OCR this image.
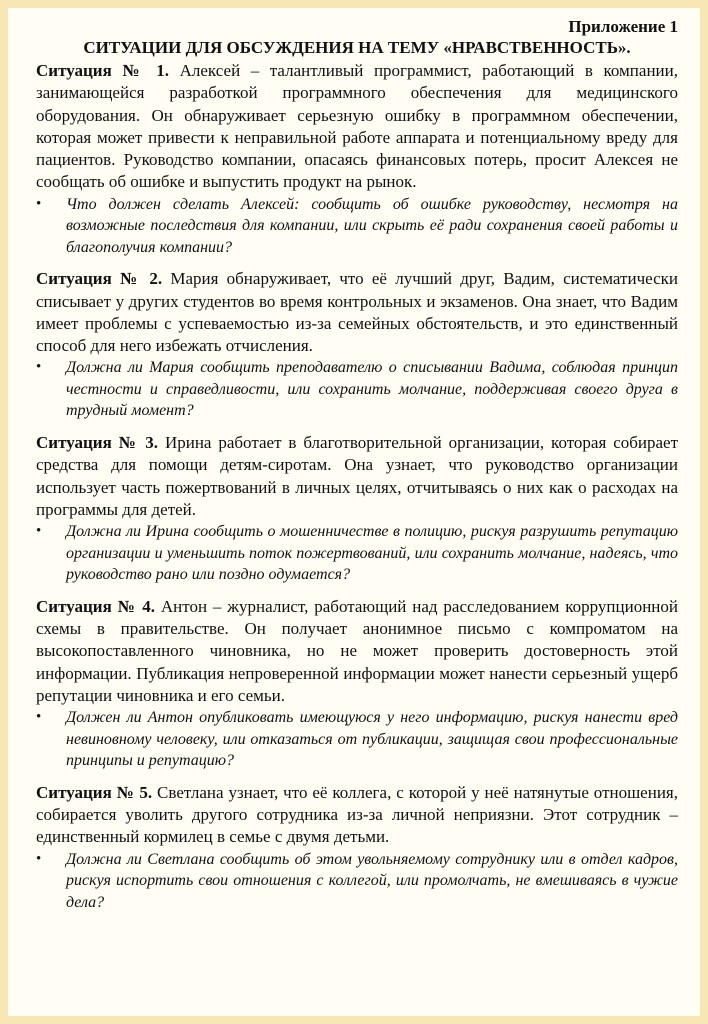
Приложение 1
СИТУАЦИИ ДЛЯ ОБСУЖДЕНИЯ НА ТЕМУ «НРАВСТВЕННОСТЬ».

Ситуация № 1. Алексей – талантливый программист, работающий в компании, занимающейся разработкой программного обеспечения для медицинского оборудования. Он обнаруживает серьезную ошибку в программном обеспечении, которая может привести к неправильной работе аппарата и потенциальному вреду для пациентов. Руководство компании, опасаясь финансовых потерь, просит Алексея не сообщать об ошибке и выпустить продукт на рынок.

• Что должен сделать Алексей: сообщить об ошибке руководству, несмотря на возможные последствия для компании, или скрыть её ради сохранения своей работы и благополучия компании?

Ситуация № 2. Мария обнаруживает, что её лучший друг, Вадим, систематически списывает у других студентов во время контрольных и экзаменов. Она знает, что Вадим имеет проблемы с успеваемостью из-за семейных обстоятельств, и это единственный способ для него избежать отчисления.

• Должна ли Мария сообщить преподавателю о списывании Вадима, соблюдая принцип честности и справедливости, или сохранить молчание, поддерживая своего друга в трудный момент?

Ситуация № 3. Ирина работает в благотворительной организации, которая собирает средства для помощи детям-сиротам. Она узнает, что руководство организации использует часть пожертвований в личных целях, отчитываясь о них как о расходах на программы для детей.

• Должна ли Ирина сообщить о мошенничестве в полицию, рискуя разрушить репутацию организации и уменьшить поток пожертвований, или сохранить молчание, надеясь, что руководство рано или поздно одумается?

Ситуация № 4. Антон – журналист, работающий над расследованием коррупционной схемы в правительстве. Он получает анонимное письмо с компроматом на высокопоставленного чиновника, но не может проверить достоверность этой информации. Публикация непроверенной информации может нанести серьезный ущерб репутации чиновника и его семьи.

• Должен ли Антон опубликовать имеющуюся у него информацию, рискуя нанести вред невиновному человеку, или отказаться от публикации, защищая свои профессиональные принципы и репутацию?

Ситуация № 5. Светлана узнает, что её коллега, с которой у неё натянутые отношения, собирается уволить другого сотрудника из-за личной неприязни. Этот сотрудник – единственный кормилец в семье с двумя детьми.

• Должна ли Светлана сообщить об этом увольняемому сотруднику или в отдел кадров, рискуя испортить свои отношения с коллегой, или промолчать, не вмешиваясь в чужие дела?
